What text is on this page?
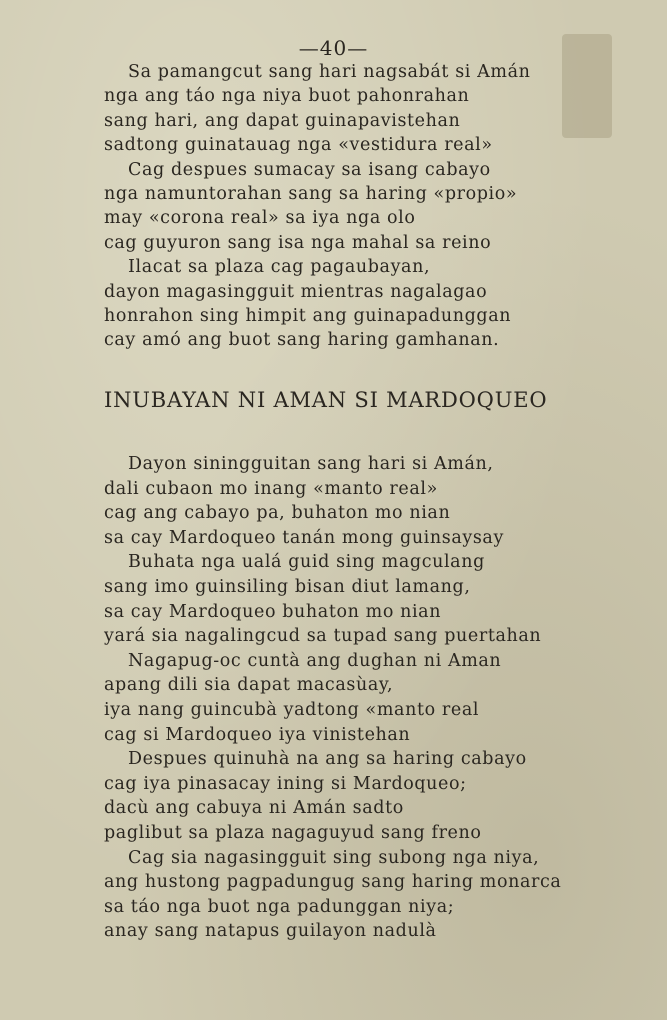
—40—
Sa pamangcut sang hari nagsabát si Amán
nga ang táo nga niya buot pahonrahan
sang hari, ang dapat guinapavistehan
sadtong guinatauag nga «vestidura real»
Cag despues sumacay sa isang cabayo
nga namuntorahan sang sa haring «propio»
may «corona real» sa iya nga olo
cag guyuron sang isa nga mahal sa reino
Ilacat sa plaza cag pagaubayan,
dayon magasingguit mientras nagalagao
honrahon sing himpit ang guinapadunggan
cay amó ang buot sang haring gamhanan.
INUBAYAN NI AMAN SI MARDOQUEO
Dayon siningguitan sang hari si Amán,
dali cubaon mo inang «manto real»
cag ang cabayo pa, buhaton mo nian
sa cay Mardoqueo tanán mong guinsaysay
Buhata nga ualá guid sing magculang
sang imo guinsiling bisan diut lamang,
sa cay Mardoqueo buhaton mo nian
yará sia nagalingcud sa tupad sang puertahan
Nagapug-oc cuntà ang dughan ni Aman
apang dili sia dapat macasùay,
iya nang guincubà yadtong «manto real
cag si Mardoqueo iya vinistehan
Despues quinuhà na ang sa haring cabayo
cag iya pinasacay ining si Mardoqueo;
dacù ang cabuya ni Amán sadto
paglibut sa plaza nagaguyud sang freno
Cag sia nagasingguit sing subong nga niya,
ang hustong pagpadungug sang haring monarca
sa táo nga buot nga padunggan niya;
anay sang natapus guilayon nadulà
